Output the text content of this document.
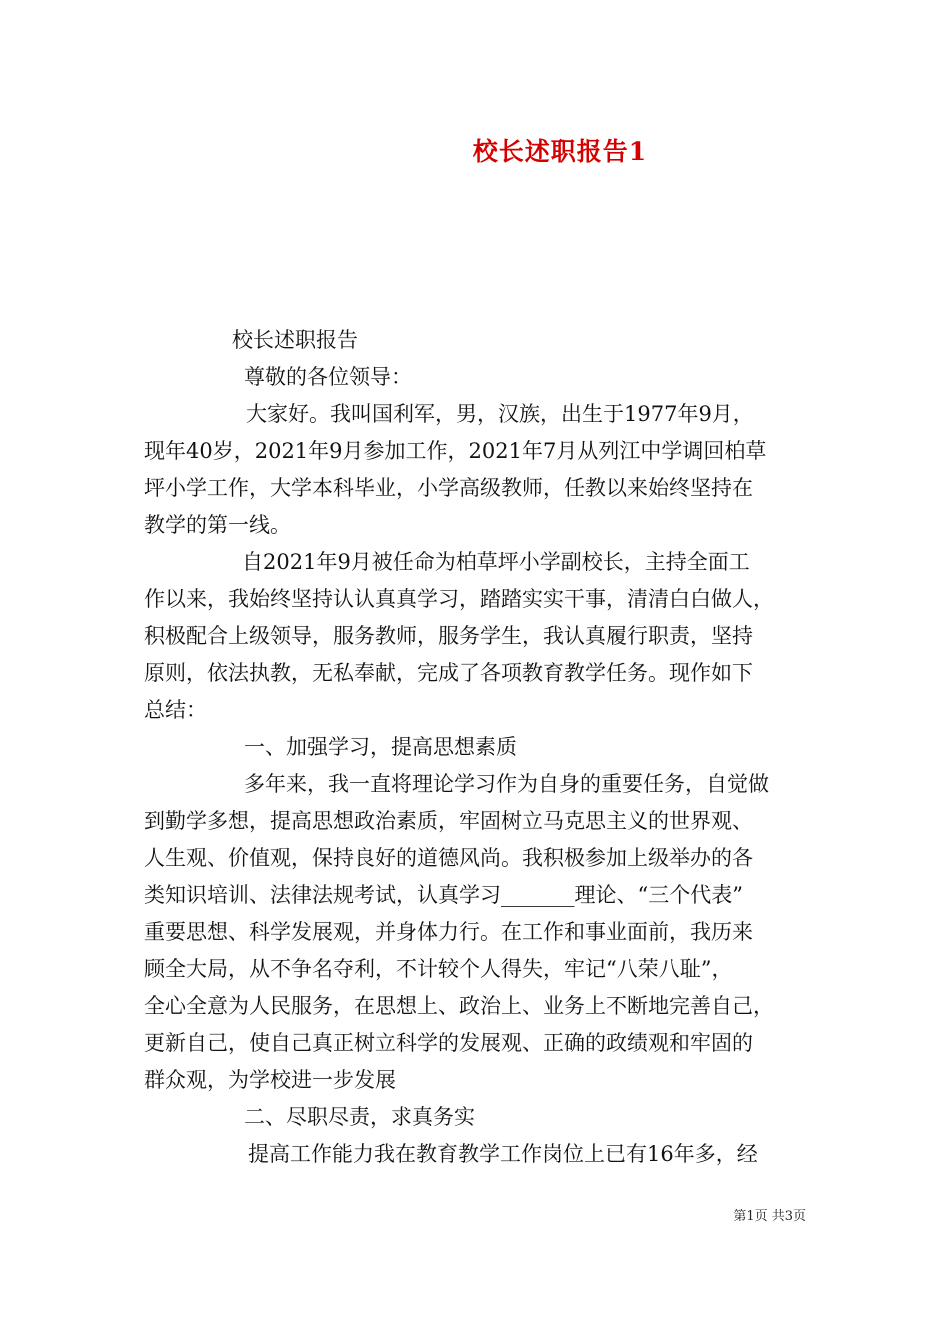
校长述职报告1
校长述职报告
尊敬的各位领导：
大家好。我叫国利军，男，汉族，出生于1977年9月，
现年40岁，2021年9月参加工作，2021年7月从列江中学调回柏草
坪小学工作，大学本科毕业，小学高级教师，任教以来始终坚持在
教学的第一线。
自2021年9月被任命为柏草坪小学副校长，主持全面工
作以来，我始终坚持认认真真学习，踏踏实实干事，清清白白做人，
积极配合上级领导，服务教师，服务学生，我认真履行职责，坚持
原则，依法执教，无私奉献，完成了各项教育教学任务。现作如下
总结：
一、加强学习，提高思想素质
多年来，我一直将理论学习作为自身的重要任务，自觉做
到勤学多想，提高思想政治素质，牢固树立马克思主义的世界观、
人生观、价值观，保持良好的道德风尚。我积极参加上级举办的各
类知识培训、法律法规考试，认真学习_______理论、“三个代表”
重要思想、科学发展观，并身体力行。在工作和事业面前，我历来
顾全大局，从不争名夺利，不计较个人得失，牢记“八荣八耻”，
全心全意为人民服务，在思想上、政治上、业务上不断地完善自己，
更新自己，使自己真正树立科学的发展观、正确的政绩观和牢固的
群众观，为学校进一步发展
二、尽职尽责，求真务实
提高工作能力我在教育教学工作岗位上已有16年多，经
第1页 共3页
